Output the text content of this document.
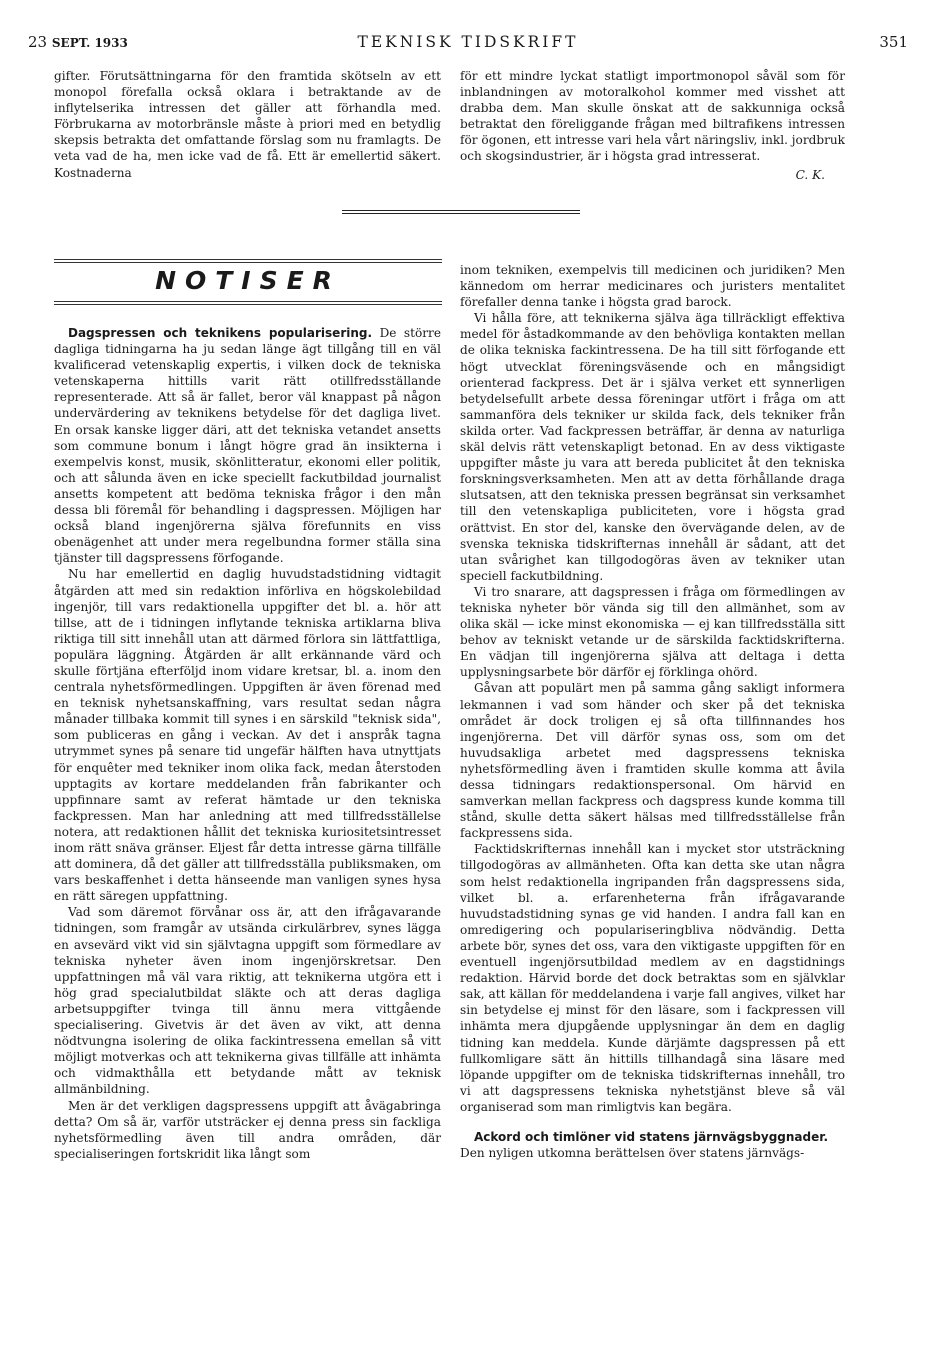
23 SEPT. 1933	TEKNISK TIDSKRIFT	351

gifter. Förutsättningarna för den framtida skötseln av ett monopol förefalla också oklara i betraktande av de inflytelserika intressen det gäller att förhandla med. Förbrukarna av motorbränsle måste à priori med en betydlig skepsis betrakta det omfattande förslag som nu framlagts. De veta vad de ha, men icke vad de få. Ett är emellertid säkert. Kostnaderna

för ett mindre lyckat statligt importmonopol såväl som för inblandningen av motoralkohol kommer med visshet att drabba dem. Man skulle önskat att de sakkunniga också betraktat den föreliggande frågan med biltrafikens intressen för ögonen, ett intresse vari hela vårt näringsliv, inkl. jordbruk och skogsindustrier, är i högsta grad intresserat.

C. K.
NOTISER

Dagspressen och teknikens popularisering. De större dagliga tidningarna ha ju sedan länge ägt tillgång till en väl kvalificerad vetenskaplig expertis, i vilken dock de tekniska vetenskaperna hittills varit rätt otillfredsställande representerade. Att så är fallet, beror väl knappast på någon undervärdering av teknikens betydelse för det dagliga livet. En orsak kanske ligger däri, att det tekniska vetandet ansetts som commune bonum i långt högre grad än insikterna i exempelvis konst, musik, skönlitteratur, ekonomi eller politik, och att sålunda även en icke speciellt fackutbildad journalist ansetts kompetent att bedöma tekniska frågor i den mån dessa bli föremål för behandling i dagspressen. Möjligen har också bland ingenjörerna själva förefunnits en viss obenägenhet att under mera regelbundna former ställa sina tjänster till dagspressens förfogande.

Nu har emellertid en daglig huvudstadstidning vidtagit åtgärden att med sin redaktion införliva en högskolebildad ingenjör, till vars redaktionella uppgifter det bl. a. hör att tillse, att de i tidningen inflytande tekniska artiklarna bliva riktiga till sitt innehåll utan att därmed förlora sin lättfattliga, populära läggning. Åtgärden är allt erkännande värd och skulle förtjäna efterföljd inom vidare kretsar, bl. a. inom den centrala nyhetsförmedlingen. Uppgiften är även förenad med en teknisk nyhetsanskaffning, vars resultat sedan några månader tillbaka kommit till synes i en särskild "teknisk sida", som publiceras en gång i veckan. Av det i anspråk tagna utrymmet synes på senare tid ungefär hälften hava utnyttjats för enquêter med tekniker inom olika fack, medan återstoden upptagits av kortare meddelanden från fabrikanter och uppfinnare samt av referat hämtade ur den tekniska fackpressen. Man har anledning att med tillfredsställelse notera, att redaktionen hållit det tekniska kuriositetsintresset inom rätt snäva gränser. Eljest får detta intresse gärna tillfälle att dominera, då det gäller att tillfredsställa publiksmaken, om vars beskaffenhet i detta hänseende man vanligen synes hysa en rätt säregen uppfattning.

Vad som däremot förvånar oss är, att den ifrågavarande tidningen, som framgår av utsända cirkulärbrev, synes lägga en avsevärd vikt vid sin självtagna uppgift som förmedlare av tekniska nyheter även inom ingenjörskretsar. Den uppfattningen må väl vara riktig, att teknikerna utgöra ett i hög grad specialutbildat släkte och att deras dagliga arbetsuppgifter tvinga till ännu mera vittgående specialisering. Givetvis är det även av vikt, att denna nödtvungna isolering de olika fackintressena emellan så vitt möjligt motverkas och att teknikerna givas tillfälle att inhämta och vidmakthålla ett betydande mått av teknisk allmänbildning.

Men är det verkligen dagspressens uppgift att åvägabringa detta? Om så är, varför utsträcker ej denna press sin fackliga nyhetsförmedling även till andra områden, där specialiseringen fortskridit lika långt som

inom tekniken, exempelvis till medicinen och juridiken? Men kännedom om herrar medicinares och juristers mentalitet förefaller denna tanke i högsta grad barock.

Vi hålla före, att teknikerna själva äga tillräckligt effektiva medel för åstadkommande av den behövliga kontakten mellan de olika tekniska fackintressena. De ha till sitt förfogande ett högt utvecklat föreningsväsende och en mångsidigt orienterad fackpress. Det är i själva verket ett synnerligen betydelsefullt arbete dessa föreningar utfört i fråga om att sammanföra dels tekniker ur skilda fack, dels tekniker från skilda orter. Vad fackpressen beträffar, är denna av naturliga skäl delvis rätt vetenskapligt betonad. En av dess viktigaste uppgifter måste ju vara att bereda publicitet åt den tekniska forskningsverksamheten. Men att av detta förhållande draga slutsatsen, att den tekniska pressen begränsat sin verksamhet till den vetenskapliga publiciteten, vore i högsta grad orättvist. En stor del, kanske den övervägande delen, av de svenska tekniska tidskrifternas innehåll är sådant, att det utan svårighet kan tillgodogöras även av tekniker utan speciell fackutbildning.

Vi tro snarare, att dagspressen i fråga om förmedlingen av tekniska nyheter bör vända sig till den allmänhet, som av olika skäl — icke minst ekonomiska — ej kan tillfredsställa sitt behov av tekniskt vetande ur de särskilda facktidskrifterna. En vädjan till ingenjörerna själva att deltaga i detta upplysningsarbete bör därför ej förklinga ohörd.

Gåvan att populärt men på samma gång sakligt informera lekmannen i vad som händer och sker på det tekniska området är dock troligen ej så ofta tillfinnandes hos ingenjörerna. Det vill därför synas oss, som om det huvudsakliga arbetet med dagspressens tekniska nyhetsförmedling även i framtiden skulle komma att åvila dessa tidningars redaktionspersonal. Om härvid en samverkan mellan fackpress och dagspress kunde komma till stånd, skulle detta säkert hälsas med tillfredsställelse från fackpressens sida.

Facktidskrifternas innehåll kan i mycket stor utsträckning tillgodogöras av allmänheten. Ofta kan detta ske utan några som helst redaktionella ingripanden från dagspressens sida, vilket bl. a. erfarenheterna från ifrågavarande huvudstadstidning synas ge vid handen. I andra fall kan en omredigering och populariseringbliva nödvändig. Detta arbete bör, synes det oss, vara den viktigaste uppgiften för en eventuell ingenjörsutbildad medlem av en dagstidnings redaktion. Härvid borde det dock betraktas som en självklar sak, att källan för meddelandena i varje fall angives, vilket har sin betydelse ej minst för den läsare, som i fackpressen vill inhämta mera djupgående upplysningar än dem en daglig tidning kan meddela. Kunde därjämte dagspressen på ett fullkomligare sätt än hittills tillhandagå sina läsare med löpande uppgifter om de tekniska tidskrifternas innehåll, tro vi att dagspressens tekniska nyhetstjänst bleve så väl organiserad som man rimligtvis kan begära.

Ackord och timlöner vid statens järnvägsbyggnader.

Den nyligen utkomna berättelsen över statens järnvägs-
